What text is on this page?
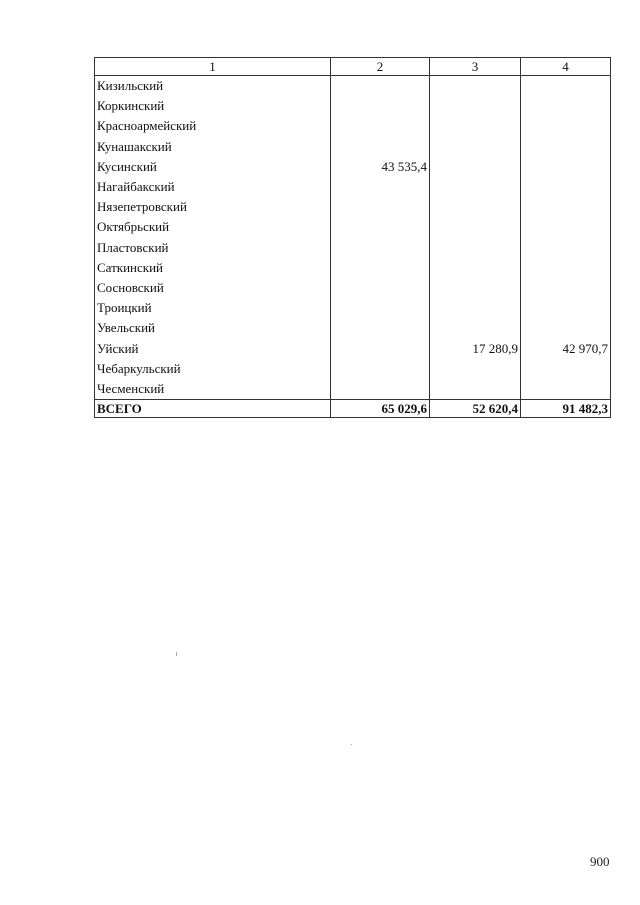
1	2	3	4
Кизильский			
Коркинский			
Красноармейский			
Кунашакский			
Кусинский	43 535,4		
Нагайбакский			
Нязепетровский			
Октябрьский			
Пластовский			
Саткинский			
Сосновский			
Троицкий			
Увельский			
Уйский		17 280,9	42 970,7
Чебаркульский			
Чесменский			
ВСЕГО	65 029,6	52 620,4	91 482,3
900
